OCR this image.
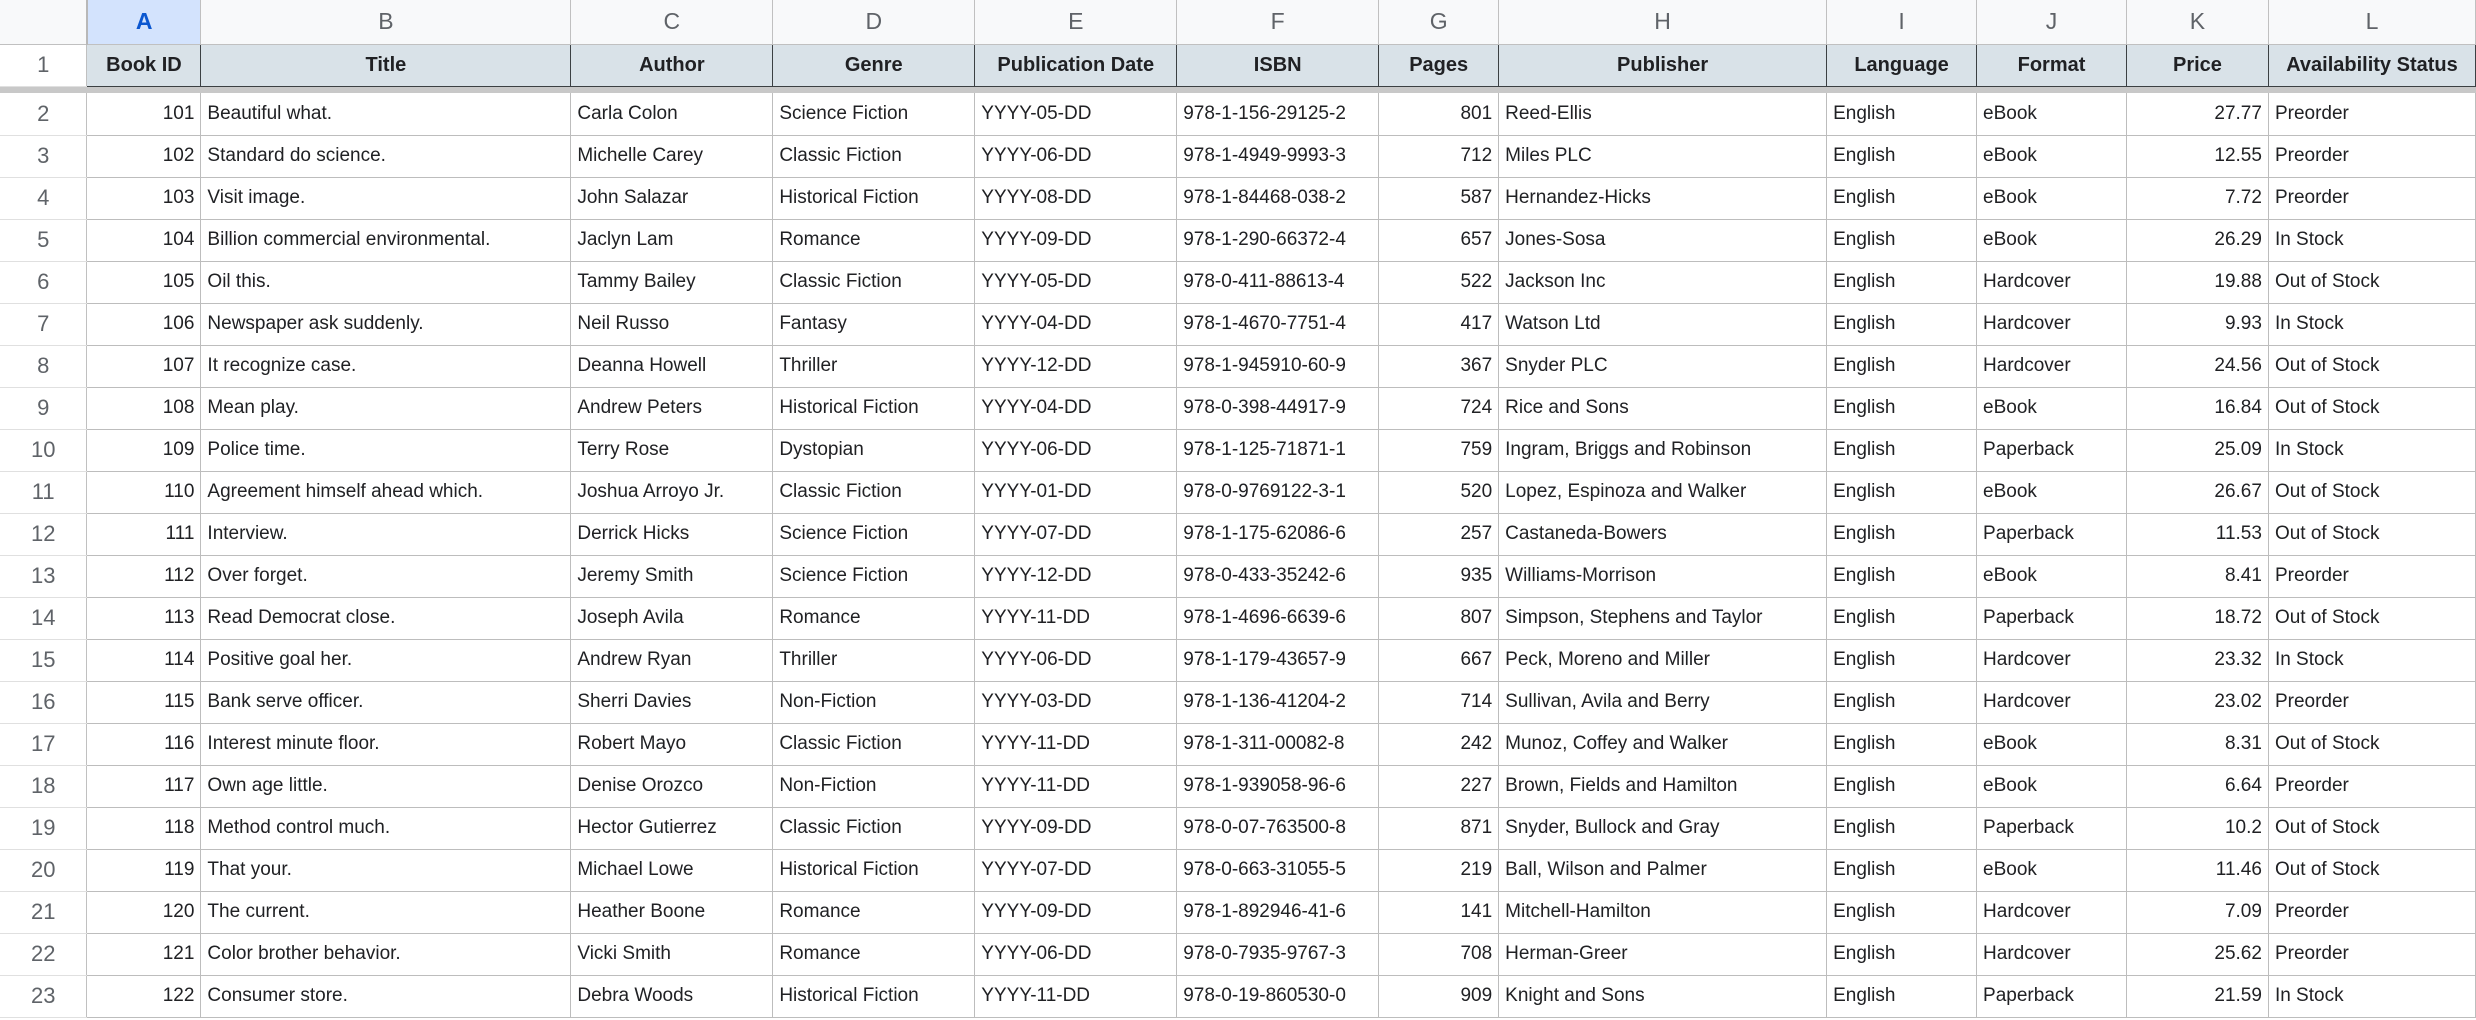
	A	B	C	D	E	F	G	H	I	J	K	L
1	Book ID	Title	Author	Genre	Publication Date	ISBN	Pages	Publisher	Language	Format	Price	Availability Status

2	101	Beautiful what.	Carla Colon	Science Fiction	YYYY-05-DD	978-1-156-29125-2	801	Reed-Ellis	English	eBook	27.77	Preorder
3	102	Standard do science.	Michelle Carey	Classic Fiction	YYYY-06-DD	978-1-4949-9993-3	712	Miles PLC	English	eBook	12.55	Preorder
4	103	Visit image.	John Salazar	Historical Fiction	YYYY-08-DD	978-1-84468-038-2	587	Hernandez-Hicks	English	eBook	7.72	Preorder
5	104	Billion commercial environmental.	Jaclyn Lam	Romance	YYYY-09-DD	978-1-290-66372-4	657	Jones-Sosa	English	eBook	26.29	In Stock
6	105	Oil this.	Tammy Bailey	Classic Fiction	YYYY-05-DD	978-0-411-88613-4	522	Jackson Inc	English	Hardcover	19.88	Out of Stock
7	106	Newspaper ask suddenly.	Neil Russo	Fantasy	YYYY-04-DD	978-1-4670-7751-4	417	Watson Ltd	English	Hardcover	9.93	In Stock
8	107	It recognize case.	Deanna Howell	Thriller	YYYY-12-DD	978-1-945910-60-9	367	Snyder PLC	English	Hardcover	24.56	Out of Stock
9	108	Mean play.	Andrew Peters	Historical Fiction	YYYY-04-DD	978-0-398-44917-9	724	Rice and Sons	English	eBook	16.84	Out of Stock
10	109	Police time.	Terry Rose	Dystopian	YYYY-06-DD	978-1-125-71871-1	759	Ingram, Briggs and Robinson	English	Paperback	25.09	In Stock
11	110	Agreement himself ahead which.	Joshua Arroyo Jr.	Classic Fiction	YYYY-01-DD	978-0-9769122-3-1	520	Lopez, Espinoza and Walker	English	eBook	26.67	Out of Stock
12	111	Interview.	Derrick Hicks	Science Fiction	YYYY-07-DD	978-1-175-62086-6	257	Castaneda-Bowers	English	Paperback	11.53	Out of Stock
13	112	Over forget.	Jeremy Smith	Science Fiction	YYYY-12-DD	978-0-433-35242-6	935	Williams-Morrison	English	eBook	8.41	Preorder
14	113	Read Democrat close.	Joseph Avila	Romance	YYYY-11-DD	978-1-4696-6639-6	807	Simpson, Stephens and Taylor	English	Paperback	18.72	Out of Stock
15	114	Positive goal her.	Andrew Ryan	Thriller	YYYY-06-DD	978-1-179-43657-9	667	Peck, Moreno and Miller	English	Hardcover	23.32	In Stock
16	115	Bank serve officer.	Sherri Davies	Non-Fiction	YYYY-03-DD	978-1-136-41204-2	714	Sullivan, Avila and Berry	English	Hardcover	23.02	Preorder
17	116	Interest minute floor.	Robert Mayo	Classic Fiction	YYYY-11-DD	978-1-311-00082-8	242	Munoz, Coffey and Walker	English	eBook	8.31	Out of Stock
18	117	Own age little.	Denise Orozco	Non-Fiction	YYYY-11-DD	978-1-939058-96-6	227	Brown, Fields and Hamilton	English	eBook	6.64	Preorder
19	118	Method control much.	Hector Gutierrez	Classic Fiction	YYYY-09-DD	978-0-07-763500-8	871	Snyder, Bullock and Gray	English	Paperback	10.2	Out of Stock
20	119	That your.	Michael Lowe	Historical Fiction	YYYY-07-DD	978-0-663-31055-5	219	Ball, Wilson and Palmer	English	eBook	11.46	Out of Stock
21	120	The current.	Heather Boone	Romance	YYYY-09-DD	978-1-892946-41-6	141	Mitchell-Hamilton	English	Hardcover	7.09	Preorder
22	121	Color brother behavior.	Vicki Smith	Romance	YYYY-06-DD	978-0-7935-9767-3	708	Herman-Greer	English	Hardcover	25.62	Preorder
23	122	Consumer store.	Debra Woods	Historical Fiction	YYYY-11-DD	978-0-19-860530-0	909	Knight and Sons	English	Paperback	21.59	In Stock
